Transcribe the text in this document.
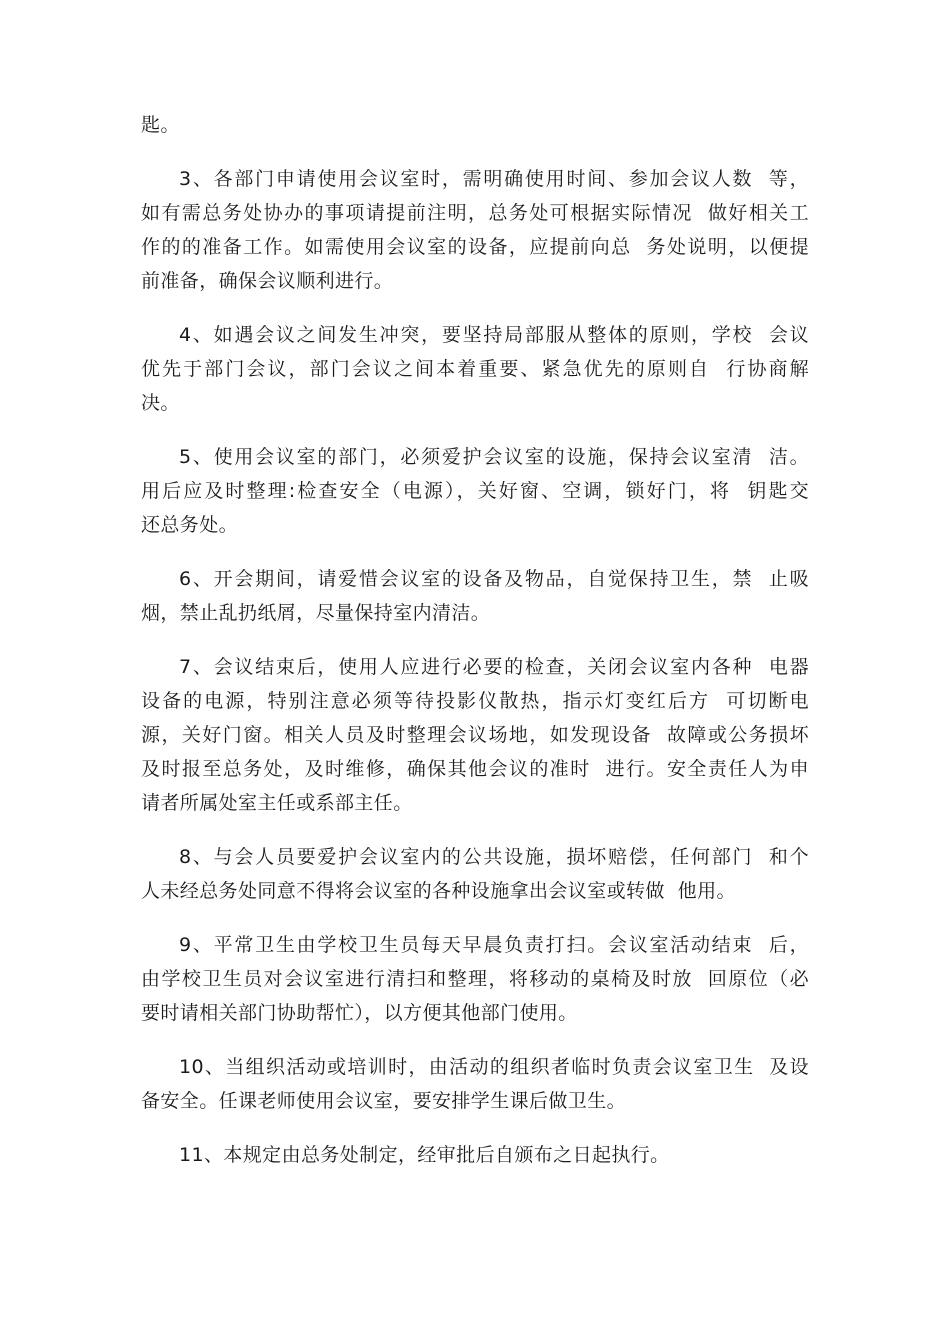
匙。

3、各部门申请使用会议室时，需明确使用时间、参加会议人数  等，

如有需总务处协办的事项请提前注明，总务处可根据实际情况  做好相关工

作的的准备工作。如需使用会议室的设备，应提前向总  务处说明，以便提

前准备，确保会议顺利进行。

4、如遇会议之间发生冲突，要坚持局部服从整体的原则，学校  会议

优先于部门会议，部门会议之间本着重要、紧急优先的原则自  行协商解

决。

5、使用会议室的部门，必须爱护会议室的设施，保持会议室清  洁。

用后应及时整理:检查安全（电源），关好窗、空调，锁好门，将  钥匙交

还总务处。

6、开会期间，请爱惜会议室的设备及物品，自觉保持卫生，禁  止吸

烟，禁止乱扔纸屑，尽量保持室内清洁。

7、会议结束后，使用人应进行必要的检查，关闭会议室内各种  电器

设备的电源，特别注意必须等待投影仪散热，指示灯变红后方  可切断电

源，关好门窗。相关人员及时整理会议场地，如发现设备  故障或公务损坏

及时报至总务处，及时维修，确保其他会议的准时  进行。安全责任人为申

请者所属处室主任或系部主任。

8、与会人员要爱护会议室内的公共设施，损坏赔偿，任何部门  和个

人未经总务处同意不得将会议室的各种设施拿出会议室或转做  他用。

9、平常卫生由学校卫生员每天早晨负责打扫。会议室活动结束  后，

由学校卫生员对会议室进行清扫和整理，将移动的桌椅及时放  回原位（必

要时请相关部门协助帮忙），以方便其他部门使用。

10、当组织活动或培训时，由活动的组织者临时负责会议室卫生  及设

备安全。任课老师使用会议室，要安排学生课后做卫生。

11、本规定由总务处制定，经审批后自颁布之日起执行。
